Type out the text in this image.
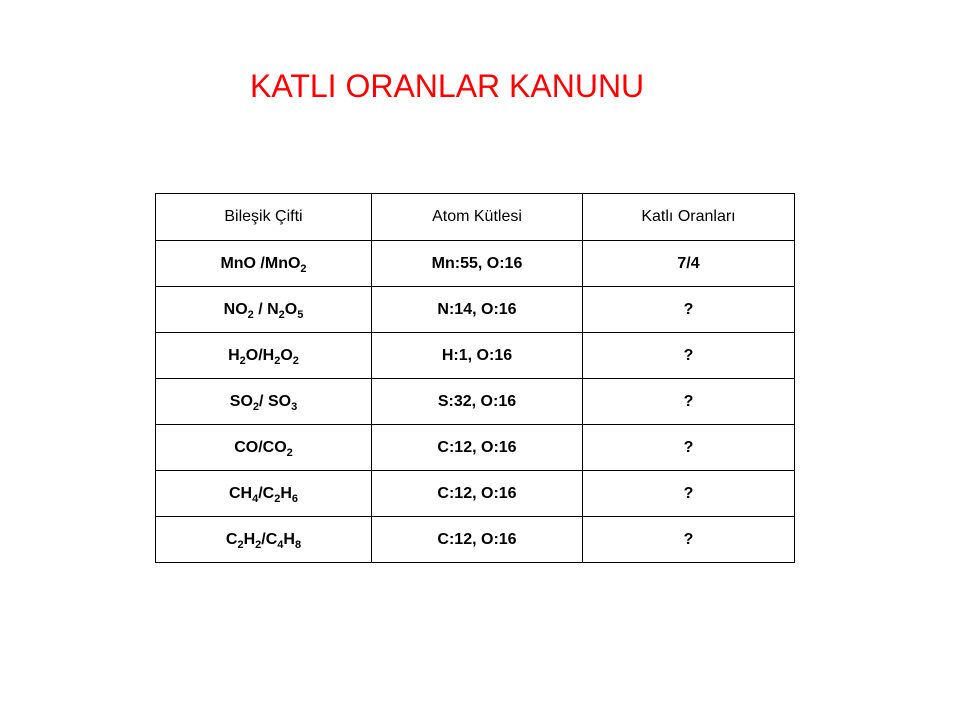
KATLI ORANLAR KANUNU
Bileşik Çifti	Atom Kütlesi	Katlı Oranları
MnO /MnO$_2$	Mn:55, O:16	7/4
$NO_2 / N_2O_5$	N:14, O:16	?
$H_2O/H_2O_2$	H:1, O:16	?
$SO_2/$ $SO_3$	S:32, O:16	?
$CO/CO_2$	C:12, O:16	?
$CH_4/C_2H_6$	C:12, O:16	?
$C_2H_2/C_4H_8$	C:12, O:16	?
